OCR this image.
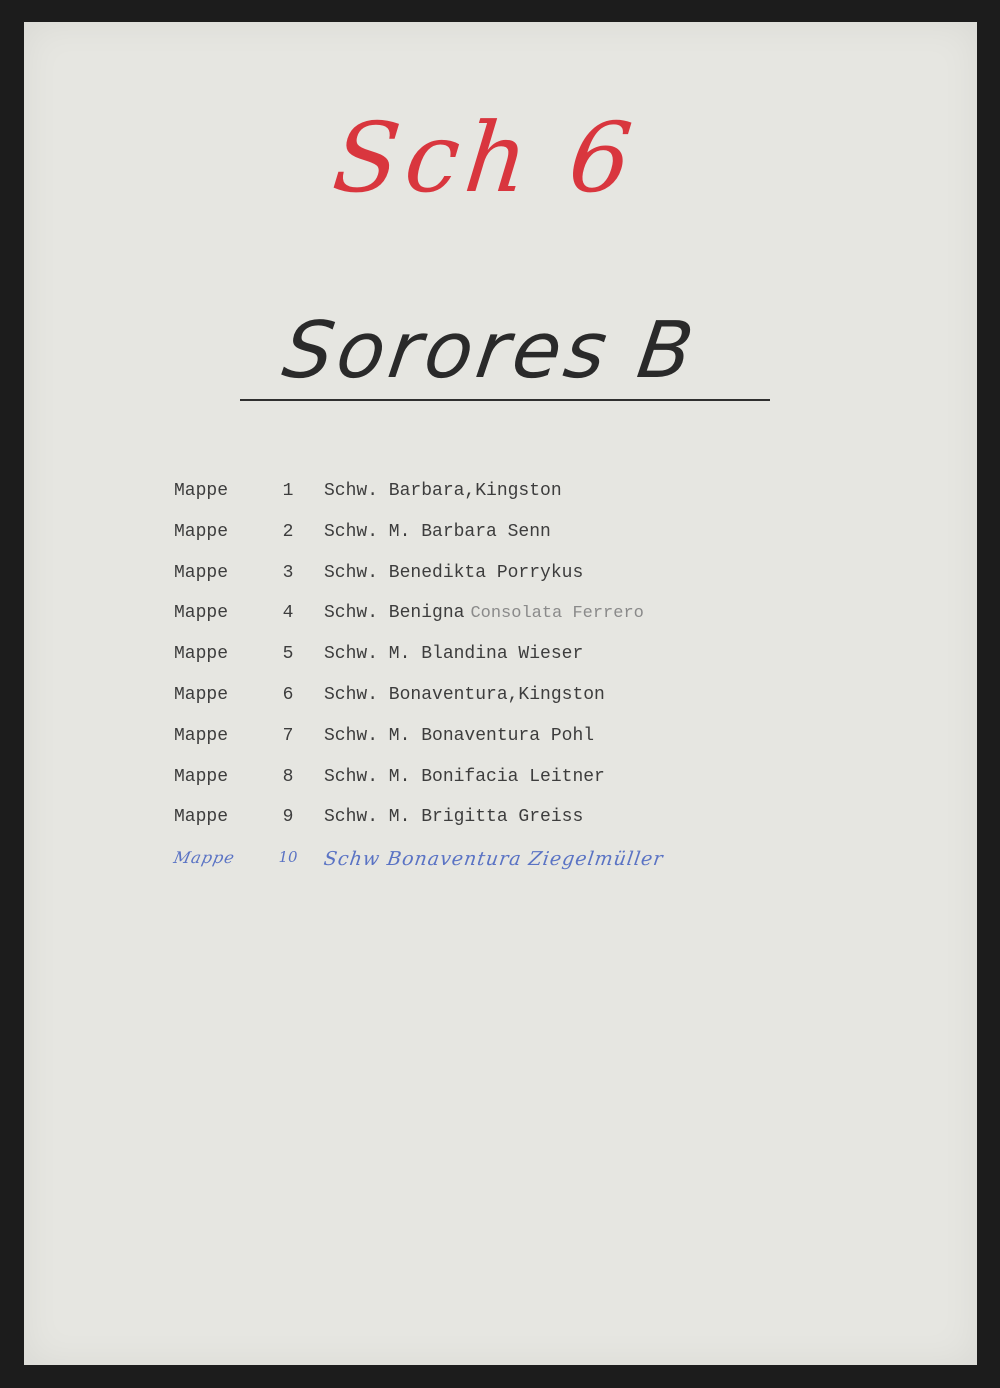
Sch 6
Sorores B
Mappe	1 Schw. Barbara,Kingston
Mappe	2 Schw. M. Barbara Senn
Mappe	3 Schw. Benedikta Porrykus
Mappe	4 Schw. Benigna Consolata Ferrero
Mappe	5 Schw. M. Blandina Wieser
Mappe	6 Schw. Bonaventura,Kingston
Mappe	7 Schw. M. Bonaventura Pohl
Mappe	8 Schw. M. Bonifacia Leitner
Mappe	9 Schw. M. Brigitta Greiss
Mappe	10 Schw Bonaventura Ziegelmüller
